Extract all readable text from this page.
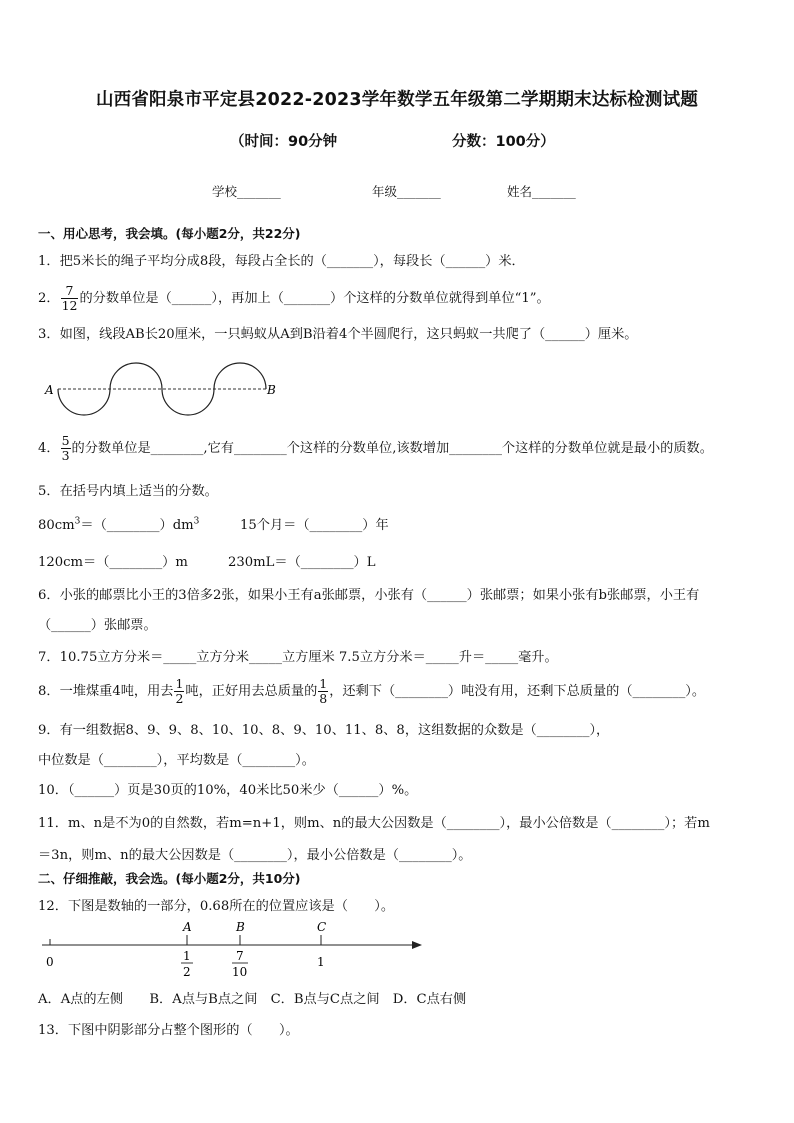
山西省阳泉市平定县2022-2023学年数学五年级第二学期期末达标检测试题
（时间：90分钟	分数：100分）
学校_______	年级_______	姓名_______
一、用心思考，我会填。(每小题2分，共22分)
1．把5米长的绳子平均分成8段，每段占全长的（_______），每段长（______）米．
2． $\frac{7}{12}$ 的分数单位是（______），再加上（_______）个这样的分数单位就得到单位“1”。
3．如图，线段AB长20厘米，一只蚂蚁从A到B沿着4个半圆爬行，这只蚂蚁一共爬了（______）厘米。
A	B
4． $\frac{5}{3}$ 的分数单位是________,它有________个这样的分数单位,该数增加________个这样的分数单位就是最小的质数。
5．在括号内填上适当的分数。
$80cm^3=(\_\_\_\_\_\_\_\_)dm^3$	15个月＝（________）年
120cm＝（________）m	230mL＝（________）L
6．小张的邮票比小王的3倍多2张，如果小王有a张邮票，小张有（______）张邮票；如果小张有b张邮票，小王有
（______）张邮票。
7．10.75立方分米＝_____立方分米_____立方厘米 7.5立方分米＝_____升＝_____毫升。
8．一堆煤重4吨，用去 $\frac{1}{2}$ 吨，正好用去总质量的 $\frac{1}{8}$ ，还剩下（________）吨没有用，还剩下总质量的（________）。
9．有一组数据8、9、9、8、10、10、8、9、10、11、8、8，这组数据的众数是（________），
中位数是（________），平均数是（________）。
10．（______）页是30页的10%，40米比50米少（______）%。
11．m、n是不为0的自然数，若m=n+1，则m、n的最大公因数是（________），最小公倍数是（________）；若m
＝3n，则m、n的最大公因数是（________），最小公倍数是（________）。
二、仔细推敲，我会选。(每小题2分，共10分)
12．下图是数轴的一部分，0.68所在的位置应该是（　　）。
A	B	C
0	1
1
2
7
10
A．A点的左侧　　B．A点与B点之间　C．B点与C点之间　D．C点右侧
13．下图中阴影部分占整个图形的（　　）。
